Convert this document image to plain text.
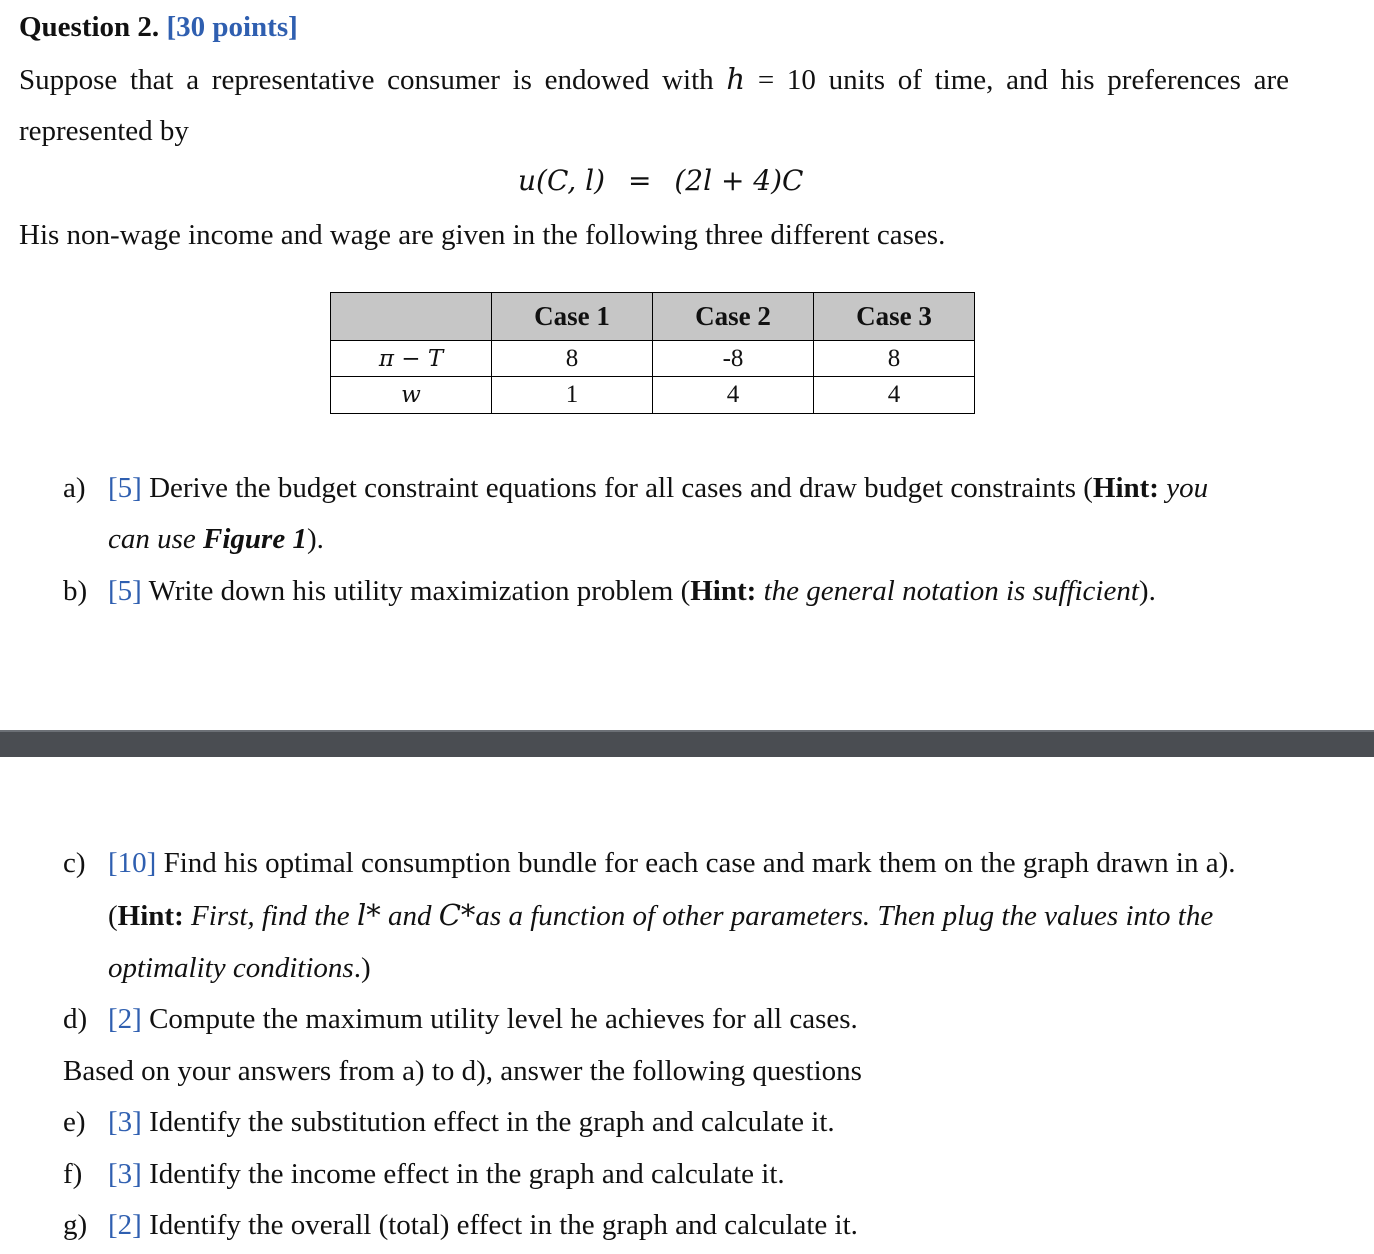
Question 2. [30 points]
Suppose that a representative consumer is endowed with h = 10 units of time, and his preferences are
represented by
u(C, l) = (2l + 4)C
His non-wage income and wage are given in the following three different cases.
	Case 1	Case 2	Case 3
π − T	8	-8	8
w	1	4	4
a) [5] Derive the budget constraint equations for all cases and draw budget constraints (Hint: you
can use Figure 1).
b) [5] Write down his utility maximization problem (Hint: the general notation is sufficient).
c) [10] Find his optimal consumption bundle for each case and mark them on the graph drawn in a).
(Hint: First, find the l* and C*as a function of other parameters. Then plug the values into the
optimality conditions.)
d) [2] Compute the maximum utility level he achieves for all cases.
Based on your answers from a) to d), answer the following questions
e) [3] Identify the substitution effect in the graph and calculate it.
f) [3] Identify the income effect in the graph and calculate it.
g) [2] Identify the overall (total) effect in the graph and calculate it.
